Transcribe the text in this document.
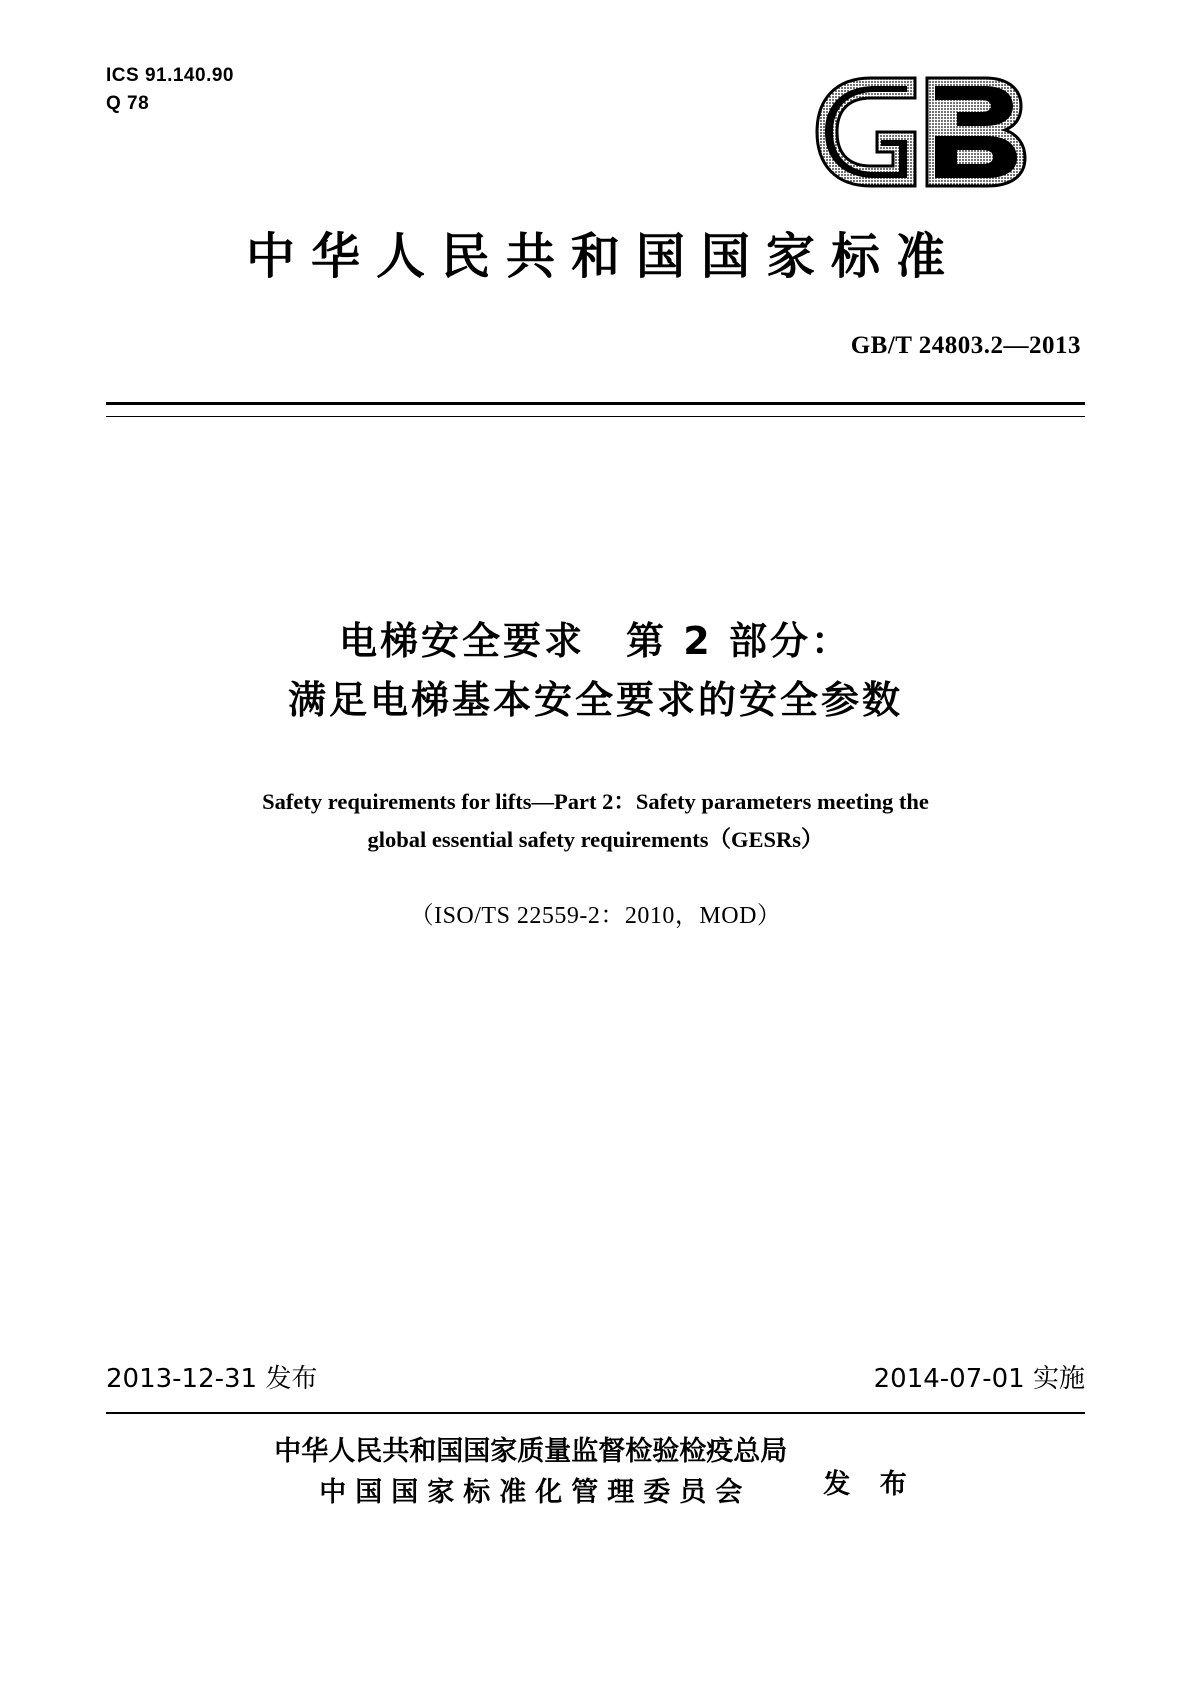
ICS 91.140.90
Q 78
中华人民共和国国家标准
GB/T 24803.2—2013
电梯安全要求　第 2 部分：
满足电梯基本安全要求的安全参数
Safety requirements for lifts—Part 2：Safety parameters meeting the
global essential safety requirements（GESRs）
（ISO/TS 22559-2：2010，MOD）
2013-12-31 发布	2014-07-01 实施
中华人民共和国国家质量监督检验检疫总局
中国国家标准化管理委员会	发 布
